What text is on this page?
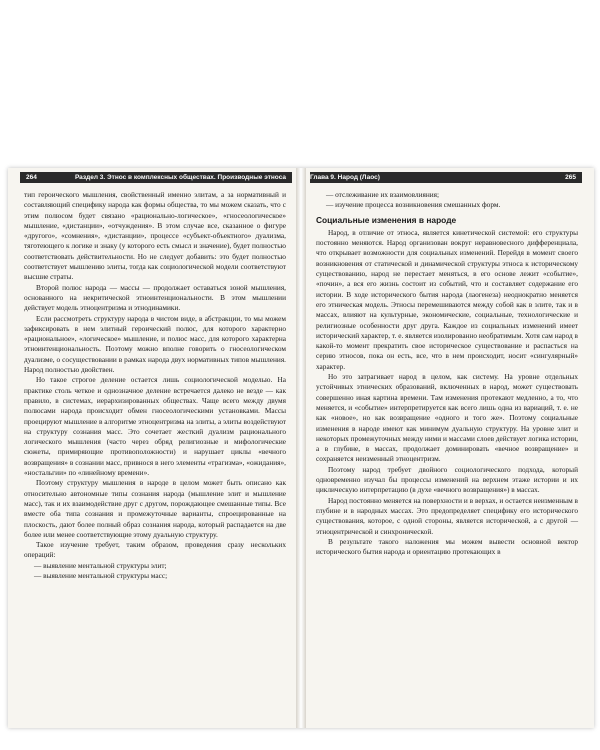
264	Раздел 3. Этнос в комплексных обществах. Производные этноса

тип героического мышления, свойственный именно элитам, а за нормативный и составляющий специфику народа как формы общества, то мы можем сказать, что с этим полюсом будет связано «рационально-логическое», «гносеологическое» мышление, «дистанции», «отчуждения». В этом случае все, сказанное о фигуре «другого», «сомнения», «дистанции», процессе «субъект-объектного» дуализма, тяготеющего к логике и знаку (у которого есть смысл и значение), будет полностью соответствовать действительности. Но не следует добавить: это будет полностью соответствует мышлению элиты, тогда как социологической модели соответствуют высшие страты.

Второй полюс народа — массы — продолжает оставаться зоной мышления, основанного на некритической этноинтенциональности. В этом мышлении действует модель этноцентризма и этнодинамики.

Если рассмотреть структуру народа в чистом виде, в абстракции, то мы можем зафиксировать в нем элитный героический полюс, для которого характерно «рациональное», «логическое» мышление, и полюс масс, для которого характерна этноинтенциональность. Поэтому можно вполне говорить о гносеологическом дуализме, о сосуществовании в рамках народа двух нормативных типов мышления. Народ полностью двойствен.

Но такое строгое деление остается лишь социологической моделью. На практике столь четкое и однозначное деление встречается далеко не везде — как правило, в системах, иерархизированных обществах. Чаще всего между двумя полюсами народа происходит обмен гносеологическими установками. Массы проецируют мышление в алгоритме этноцентризма на элиты, а элиты воздействуют на структуру сознания масс. Это сочетает жесткий дуализм рационального логического мышления (часто через обряд религиозные и мифологические сюжеты, примиряющие противоположности) и нарушает циклы «вечного возвращения» в сознании масс, привнося в него элементы «трагизма», «ожидания», «ностальгии» по «линейному времени».

Поэтому структуру мышления в народе в целом может быть описано как относительно автономные типы сознания народа (мышление элит и мышление масс), так и их взаимодействие друг с другом, порождающее смешанные типы. Все вместе оба типа сознания и промежуточные варианты, спроецированные на плоскость, дают более полный образ сознания народа, который распадается на две более или менее соответствующие этому дуальную структуру.

Такое изучение требует, таким образом, проведения сразу нескольких операций:

— выявление ментальной структуры элит;

— выявление ментальной структуры масс;

Глава 9. Народ (Лаос)	265

— отслеживание их взаимовлияния;

— изучение процесса возникновения смешанных форм.

Социальные изменения в народе

Народ, в отличие от этноса, является кинетической системой: его структуры постоянно меняются. Народ организован вокруг неравновесного дифференциала, что открывает возможности для социальных изменений. Перейдя в момент своего возникновения от статической и динамической структуры этноса к историческому существованию, народ не перестает меняться, в его основе лежит «событие», «почин», а вся его жизнь состоит из событий, что и составляет содержание его истории. В ходе исторического бытия народа (лаогенеза) неоднократно меняется его этническая модель. Этносы перемешиваются между собой как в элите, так и в массах, влияют на культурные, экономические, социальные, технологические и религиозные особенности друг друга. Каждое из социальных изменений имеет исторический характер, т. е. является изолированно необратимым. Хотя сам народ в какой-то момент прекратить свое историческое существование и распасться на серию этносов, пока он есть, все, что в нем происходит, носит «сингулярный» характер.

Но это затрагивает народ в целом, как систему. На уровне отдельных устойчивых этнических образований, включенных в народ, может существовать совершенно иная картина времени. Там изменения протекают медленно, а то, что меняется, и «событие» интерпретируется как всего лишь одна из вариаций, т. е. не как «новое», но как возвращение «одного и того же». Поэтому социальные изменения в народе имеют как минимум дуальную структуру. На уровне элит и некоторых промежуточных между ними и массами слоев действует логика истории, а в глубине, в массах, продолжает доминировать «вечное возвращение» и сохраняется неизменный этноцентризм.

Поэтому народ требует двойного социологического подхода, который одновременно изучал бы процессы изменений на верхнем этаже истории и их циклическую интерпретацию (в духе «вечного возвращения») в массах.

Народ постоянно меняется на поверхности и в верхах, и остается неизменным в глубине и в народных массах. Это предопределяет специфику его исторического существования, которое, с одной стороны, является исторической, а с другой — этноцентрической и синхронической.

В результате такого наложения мы можем вывести основной вектор исторического бытия народа и ориентацию протекающих в
